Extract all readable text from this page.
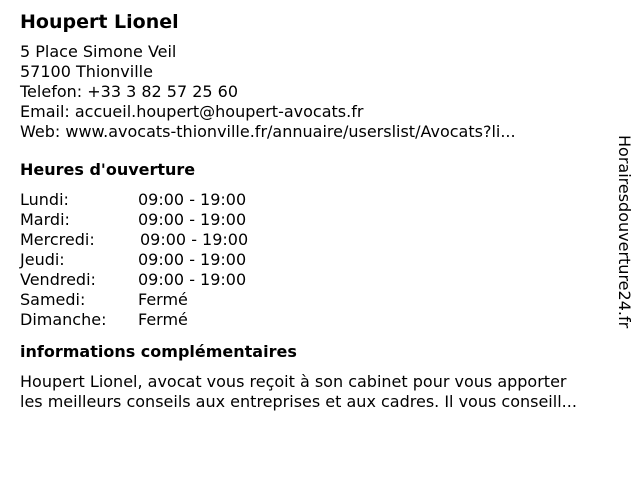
Houpert Lionel
5 Place Simone Veil
57100 Thionville
Telefon: +33 3 82 57 25 60
Email: accueil.houpert@houpert-avocats.fr
Web: www.avocats-thionville.fr/annuaire/userslist/Avocats?li...
Heures d'ouverture
Lundi:	09:00 - 19:00
Mardi:	09:00 - 19:00
Mercredi:	09:00 - 19:00
Jeudi:	09:00 - 19:00
Vendredi:	09:00 - 19:00
Samedi:	Fermé
Dimanche:	Fermé
informations complémentaires
Houpert Lionel, avocat vous reçoit à son cabinet pour vous apporter
les meilleurs conseils aux entreprises et aux cadres. Il vous conseill...
Horairesdouverture24.fr
